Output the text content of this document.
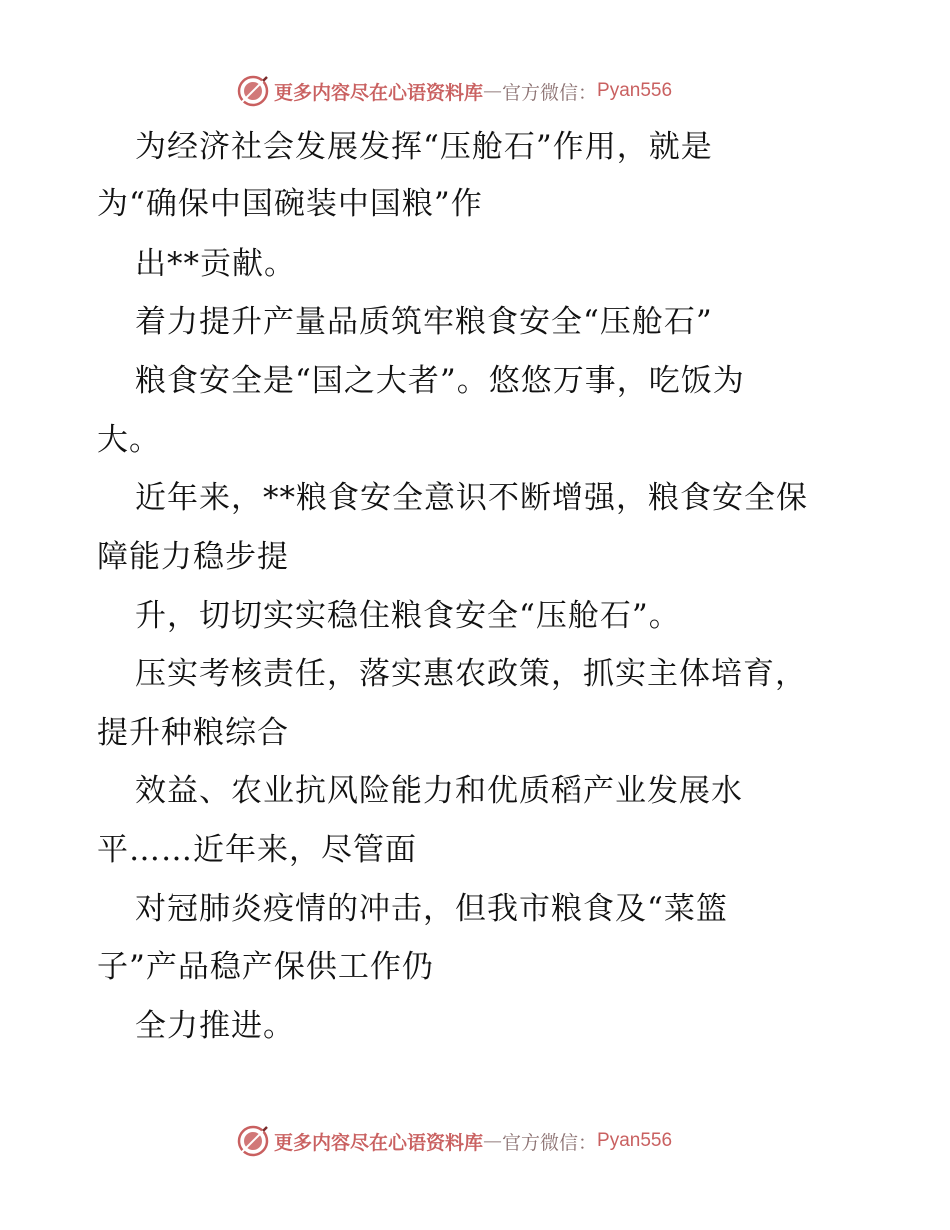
更多内容尽在心语资料库 — 官方微信： Pyan556
为经济社会发展发挥“压舱石”作用，就是
为“确保中国碗装中国粮”作
出**贡献。
着力提升产量品质筑牢粮食安全“压舱石”
粮食安全是“国之大者”。悠悠万事，吃饭为
大。
近年来，**粮食安全意识不断增强，粮食安全保
障能力稳步提
升，切切实实稳住粮食安全“压舱石”。
压实考核责任，落实惠农政策，抓实主体培育，
提升种粮综合
效益、农业抗风险能力和优质稻产业发展水
平……近年来，尽管面
对冠肺炎疫情的冲击，但我市粮食及“菜篮
子”产品稳产保供工作仍
全力推进。
更多内容尽在心语资料库 — 官方微信： Pyan556
